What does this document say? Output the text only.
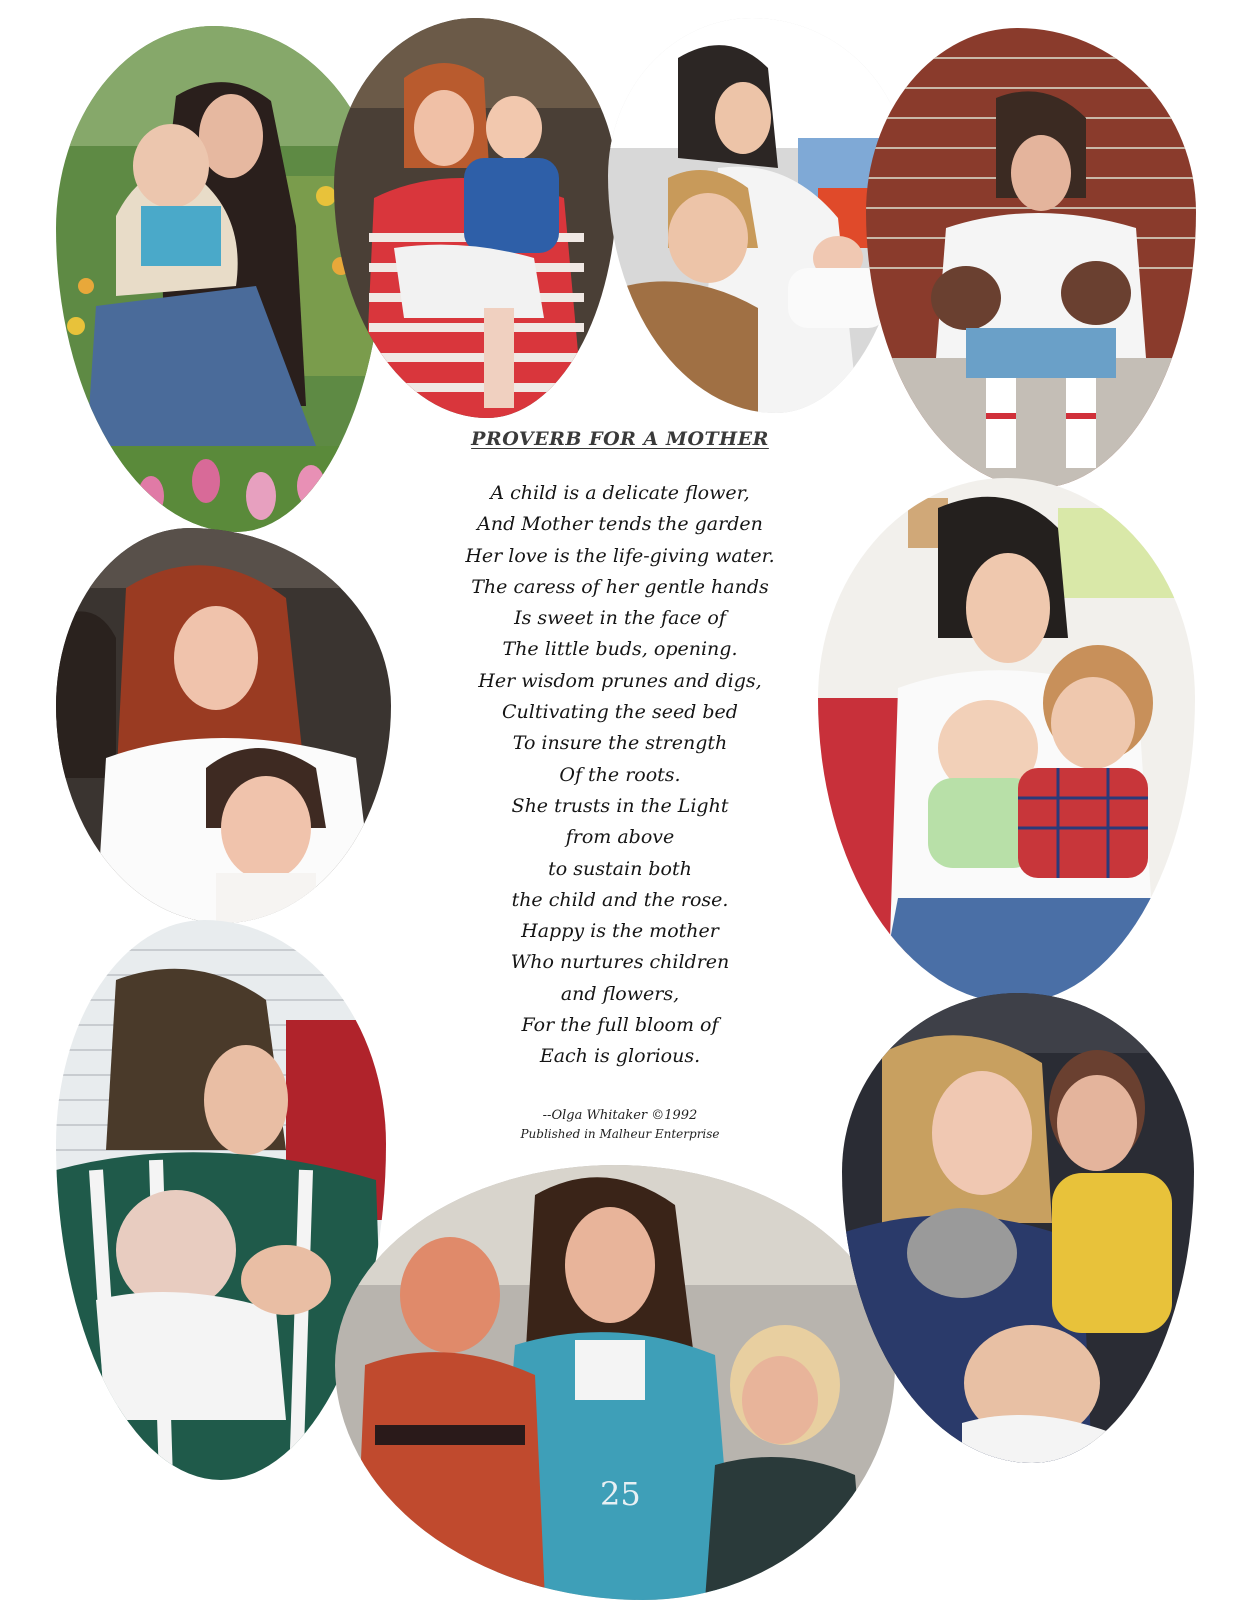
25
PROVERB FOR A MOTHER
A child is a delicate flower,
And Mother tends the garden
Her love is the life-giving water.
The caress of her gentle hands
Is sweet in the face of
The little buds, opening.
Her wisdom prunes and digs,
Cultivating the seed bed
To insure the strength
Of the roots.
She trusts in the Light
from above
to sustain both
the child and the rose.
Happy is the mother
Who nurtures children
and flowers,
For the full bloom of
Each is glorious.
--Olga Whitaker ©1992
Published in Malheur Enterprise
